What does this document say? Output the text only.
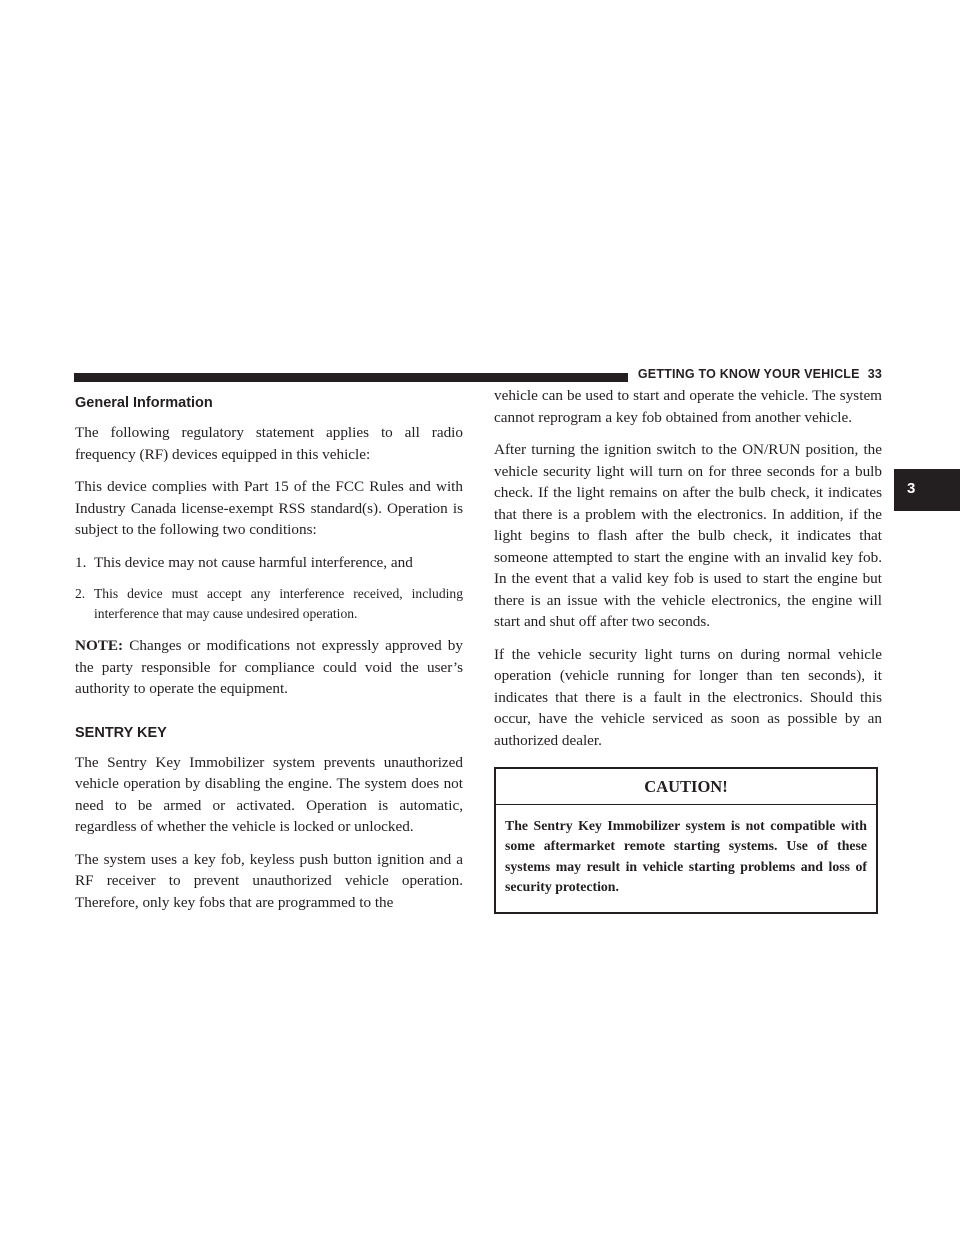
GETTING TO KNOW YOUR VEHICLE 33
3
General Information

The following regulatory statement applies to all radio frequency (RF) devices equipped in this vehicle:

This device complies with Part 15 of the FCC Rules and with Industry Canada license-exempt RSS standard(s). Operation is subject to the following two conditions:

1. This device may not cause harmful interference, and
2. This device must accept any interference received, including interference that may cause undesired operation.

NOTE: Changes or modifications not expressly approved by the party responsible for compliance could void the user’s authority to operate the equipment.

SENTRY KEY

The Sentry Key Immobilizer system prevents unauthorized vehicle operation by disabling the engine. The system does not need to be armed or activated. Operation is automatic, regardless of whether the vehicle is locked or unlocked.

The system uses a key fob, keyless push button ignition and a RF receiver to prevent unauthorized vehicle operation. Therefore, only key fobs that are programmed to the

vehicle can be used to start and operate the vehicle. The system cannot reprogram a key fob obtained from another vehicle.

After turning the ignition switch to the ON/RUN position, the vehicle security light will turn on for three seconds for a bulb check. If the light remains on after the bulb check, it indicates that there is a problem with the electronics. In addition, if the light begins to flash after the bulb check, it indicates that someone attempted to start the engine with an invalid key fob. In the event that a valid key fob is used to start the engine but there is an issue with the vehicle electronics, the engine will start and shut off after two seconds.

If the vehicle security light turns on during normal vehicle operation (vehicle running for longer than ten seconds), it indicates that there is a fault in the electronics. Should this occur, have the vehicle serviced as soon as possible by an authorized dealer.

CAUTION!
The Sentry Key Immobilizer system is not compatible with some aftermarket remote starting systems. Use of these systems may result in vehicle starting problems and loss of security protection.
